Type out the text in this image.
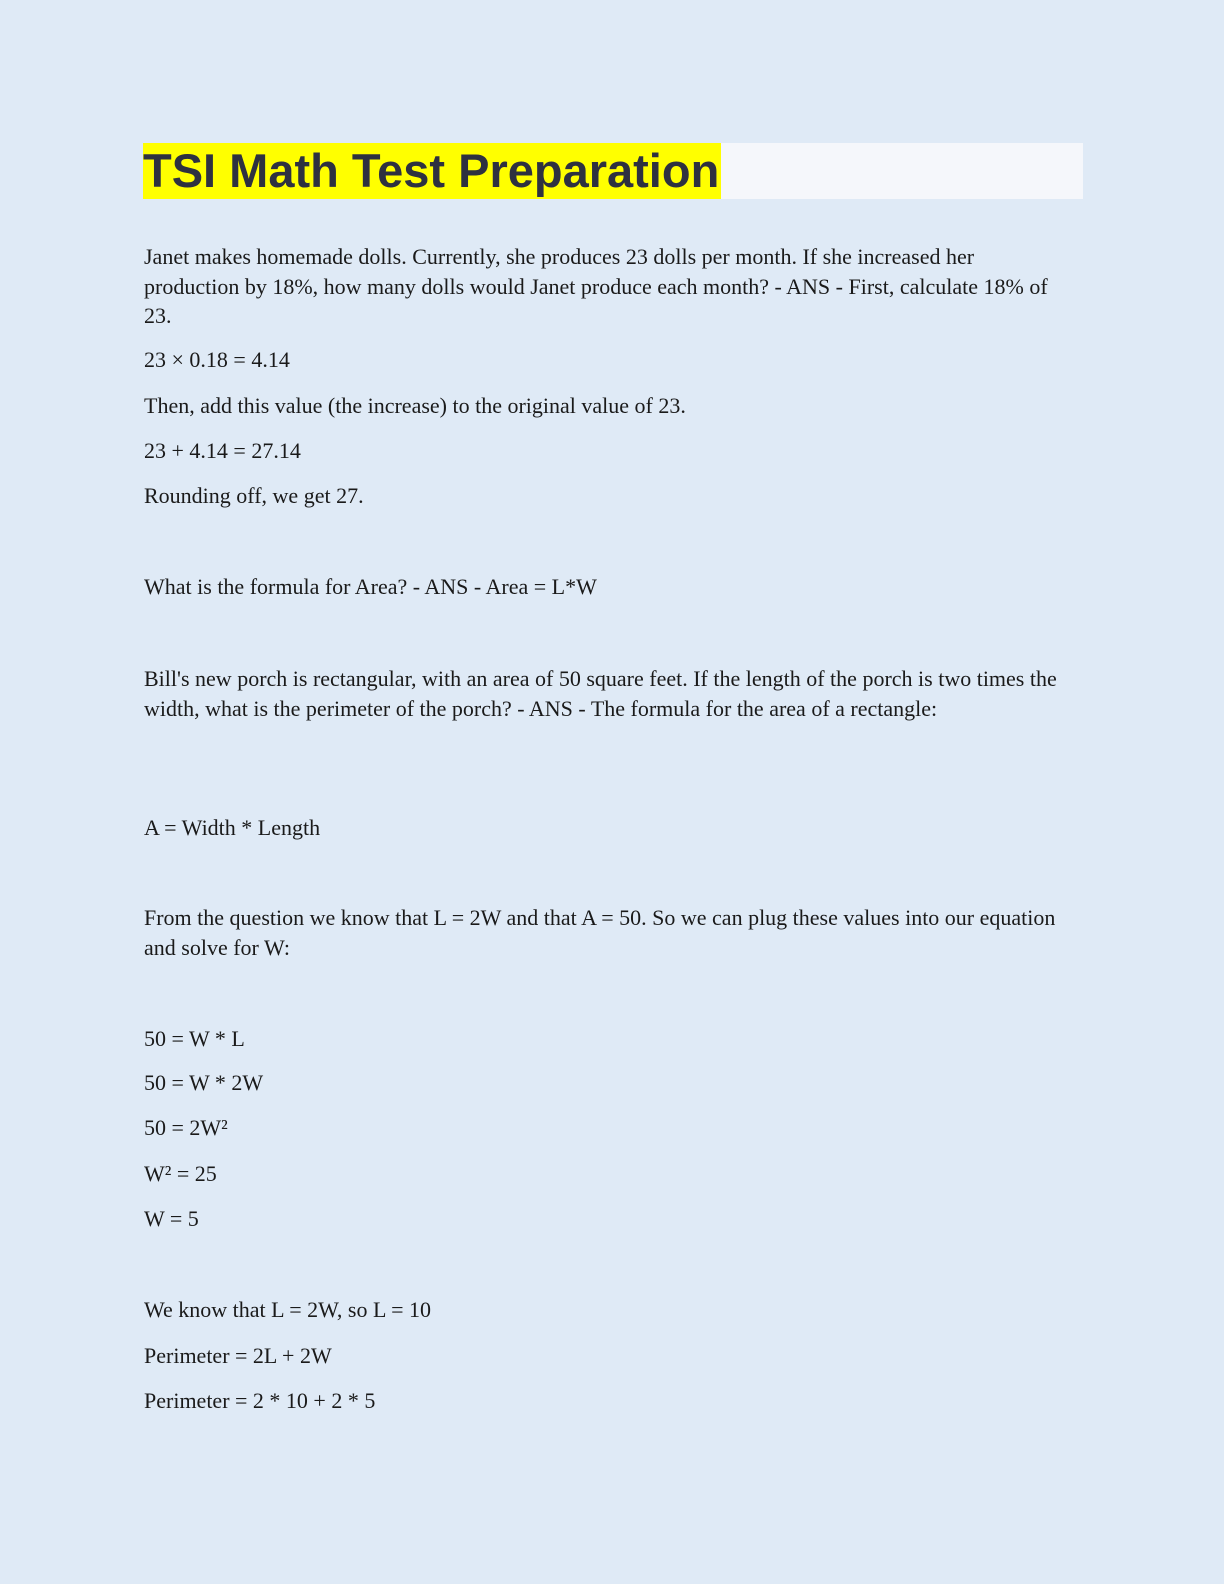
TSI Math Test Preparation
Janet makes homemade dolls. Currently, she produces 23 dolls per month. If she increased her production by 18%, how many dolls would Janet produce each month? - ANS - First, calculate 18% of 23.
23 × 0.18 = 4.14
Then, add this value (the increase) to the original value of 23.
23 + 4.14 = 27.14
Rounding off, we get 27.
What is the formula for Area? - ANS - Area = L*W
Bill's new porch is rectangular, with an area of 50 square feet. If the length of the porch is two times the width, what is the perimeter of the porch? - ANS - The formula for the area of a rectangle:
A = Width * Length
From the question we know that L = 2W and that A = 50. So we can plug these values into our equation and solve for W:
50 = W * L
50 = W * 2W
50 = 2W²
W² = 25
W = 5
We know that L = 2W, so L = 10
Perimeter = 2L + 2W
Perimeter = 2 * 10 + 2 * 5
